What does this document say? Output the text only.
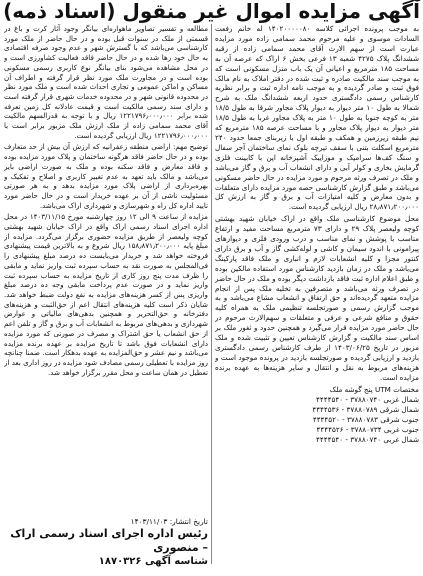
آگهی مزایده اموال غیر منقول (اسناد ذمه)

به موجب پرونده اجرائی کلاسه ۱۴۰۲۰۰۰۰۰۸۰ له خانم رفعت السادات موسوی و علیه مرحوم محمد سمامی زاده مورد مزایده عبارت است از سهم الارث آقای محمد سمامی زاده از رقبه ششدانگ پلاک ۴۲۷۵ شعبه ۱۳ فرعی بخش ۶ اراک که عرصه آن به مساحت ۱۸۵ مترمربع و اعیانی آن یک باب منزل مسکونی است که به موجب سند مالکیت صادره و ثبت شده در دفتر املاک به نام مالک فوق ثبت و صادر گردیده و به موجب نامه اداره ثبت و برابر نظریه کارشناس رسمی دادگستری حدود اربعه ششدانگ ملک به شرح شمالا به طول ۱۰ متر دیوار به دیوار پلاک مجاور شرقا به طول ۱۸/۵ متر به کوچه جنوبا به طول ۱۰ متر به پلاک مجاور غربا به طول ۱۸/۵ متر دیوار به دیوار پلاک مجاور و با مساحت عرصه ۱۸۵ مترمربع که نیم طبقه زیرزمین و همکف و طبقه اول با زیربنای جمعا حدود ۲۴۰ مترمربع اسکلت بتنی با سقف تیرچه بلوک نمای ساختمان آجر سفال و سنگ کف‌ها سرامیک و موزاییک آشپزخانه اپن با کابینت فلزی گرمایش بخاری و کولر آبی و دارای انشعاب آب و برق و گاز می‌باشد و ملک در تصرف ورثه مرحوم و مورد مزایده در حال حاضر مسکونی می‌باشد و طبق گزارش کارشناسی حصه مورد مزایده دارای متعلقات و بدون معارض و کلیه امتیازات آب و برق و گاز به ارزش کل ۲۸٫۸۷۱٫۲۰۰٫۰۰۰ ریال ارزیابی گردیده است.

محل موضوع کارشناسی ملک واقع در اراک خیابان شهید بهشتی کوچه ولیعصر پلاک ۲۹ و دارای ۷۳ مترمربع مساحت مفید و ارتفاع مناسب با پوشش و نمای مناسب و درب ورودی فلزی و دیوارهای پیرامونی با اندود سیمان و کاشی و لوله‌کشی گاز و آب و برق دارای کنتور مجزا و کلیه انشعابات لازم و انباری و ملک فاقد پارکینگ می‌باشد و ملک در زمان بازدید کارشناس مورد استفاده مالکین بوده و طبق اعلام اداره ثبت فاقد بازداشت دیگر بوده و ملک در حال حاضر در تصرف ورثه می‌باشد و متصرفین به تخلیه ملک پس از انجام مزایده متعهد گردیده‌اند و حق ارتفاق و انشعاب مشاع می‌باشد و به موجب گزارش رسمی و صورتجلسه تنظیمی ملک به همراه کلیه حقوق و منافع شرعی و عرفی و متعلقات و سهم‌الارث مرحوم در حال حاضر مورد مزایده قرار می‌گیرد و همچنین حدود و ثغور ملک بر اساس سند مالکیت و گزارش کارشناس تعیین و تثبیت شده و ملک مزبور در تاریخ ۱۴۰۳/۰۶/۲۵ از طرف کارشناس رسمی دادگستری بازدید و ارزیابی گردیده و صورتجلسه بازدید در پرونده موجود است و هزینه‌های مربوط به نقل و انتقال و سایر هزینه‌ها به عهده برنده مزایده است.

مختصات UTM پنج گوشه ملک
شمال غربی ۳۷۸۸۰۷۴۰ - ۴۴۴۴۵۴۰
شمال شرقی ۳۷۸۸۰۷۸۹ - ۴۴۴۴۵۳۶
جنوب شرقی ۳۷۸۸۰۷۸۳ - ۴۴۴۴۵۲۰
جنوب غربی ۳۷۸۸۰۷۳۴ - ۴۴۴۴۵۲۶
شمال غربی ۳۷۸۸۰۷۴۰ - ۴۴۴۴۵۴۰

مطالعه و تفسیر تصاویر ماهواره‌ای بیانگر وجود آثار کرت و باغ در قسمتی از ملک در سنوات قبل بوده و در حال حاضر از ملک مورد کارشناسی می‌باشد که با گسترش شهر و عدم وجود صرفه اقتصادی به حال خود رها شده و در حال حاضر فاقد فعالیت کشاورزی است و در محل مشاهده می‌شود بنای بیانگر نوع کاربری رسمی مسکونی بوده است و در مجاورت ملک مورد نظر قرار گرفته و اطراف آن مساکن و اماکن عمومی و تجاری احداث شده است و ملک مورد نظر در محدوده قانونی شهر و در محدوده خدمات شهری قرار گرفته است و دارای سند رسمی مالکیت است و قیمت عادلانه کل زمین تعرفه شده برابر ۱۲۲۱۷۹۶٫۰۰۰٫۰۰۰ ریال و با توجه به قدرالسهم مالکیت آقای محمد سمامی زاده از ملک ارزش ملک مزبور برابر است با ۱۲۲۱۷۹۶٫۰۰۰٫۰۰۰ ریال ارزیابی گردیده است.

توضیح مهم: اراضی منطقه زعفرانیه که ارزش آن بیش از حد متعارف بوده و در حال حاضر فاقد هرگونه ساختمان و پلاک مورد مزایده بوده و فاقد معارض و فاقد سکنه بوده و ملک به صورت اراضی بایر می‌باشد و مالک باید تعهد به عدم تغییر کاربری و اصلاح و تفکیک و بهره‌برداری از اراضی پلاک مورد مزایده بدهد و به هر صورتی مسئولیت ناشی از آن بر عهده خریدار است و در حال حاضر مورد تایید اداره کل راه و شهرسازی و شهرداری اراک می‌باشد.

مزایده از ساعت ۹ الی ۱۲ روز چهارشنبه مورخ ۱۴۰۳/۱۱/۱۵ در محل اداره اجرای اسناد رسمی اراک واقع در اراک خیابان شهید بهشتی کوچه ولیعصر از طریق مزایده حضوری برگزار می‌گردد. مزایده از مبلغ پایه ۱۵۸٫۸۷۱٫۲۰۰٫۰۰۰ ریال شروع و به بالاترین قیمت پیشنهادی فروخته خواهد شد و خریدار می‌بایست ده درصد مبلغ پیشنهادی را فی‌المجلس به صورت نقد به حساب سپرده ثبت واریز نماید و مابقی را ظرف مدت پنج روز کاری از تاریخ مزایده به حساب سپرده ثبت واریز نماید و در صورت عدم پرداخت مابقی وجه ده درصد مبلغ واریزی پس از کسر هزینه‌های مزایده به نفع دولت ضبط خواهد شد. شایان ذکر است کلیه هزینه‌های انتقال اعم از حق‌الثبت و هزینه‌های دفترخانه و حق‌التحریر و همچنین بدهی‌های مالیاتی و عوارض شهرداری و بدهی‌های مربوط به انشعابات آب و برق و گاز و تلفن اعم از حق انشعاب یا حق اشتراک و مصرف در صورتی که مورد مزایده دارای انشعابات فوق باشد تا تاریخ مزایده بر عهده برنده مزایده می‌باشد و نیم عشر و حق‌المزایده به عهده بدهکار است. ضمنا چنانچه روز مزایده با تعطیلی رسمی مصادف شود مزایده در روز اداری بعد از تعطیل در همان ساعت و محل مقرر برگزار خواهد شد.

تاریخ انتشار: ۱۴۰۳/۱۱/۰۳

رئیس اداره اجرای اسناد رسمی اراک – منصوری

شناسه آگهی ۱۸۷۰۳۲۶
